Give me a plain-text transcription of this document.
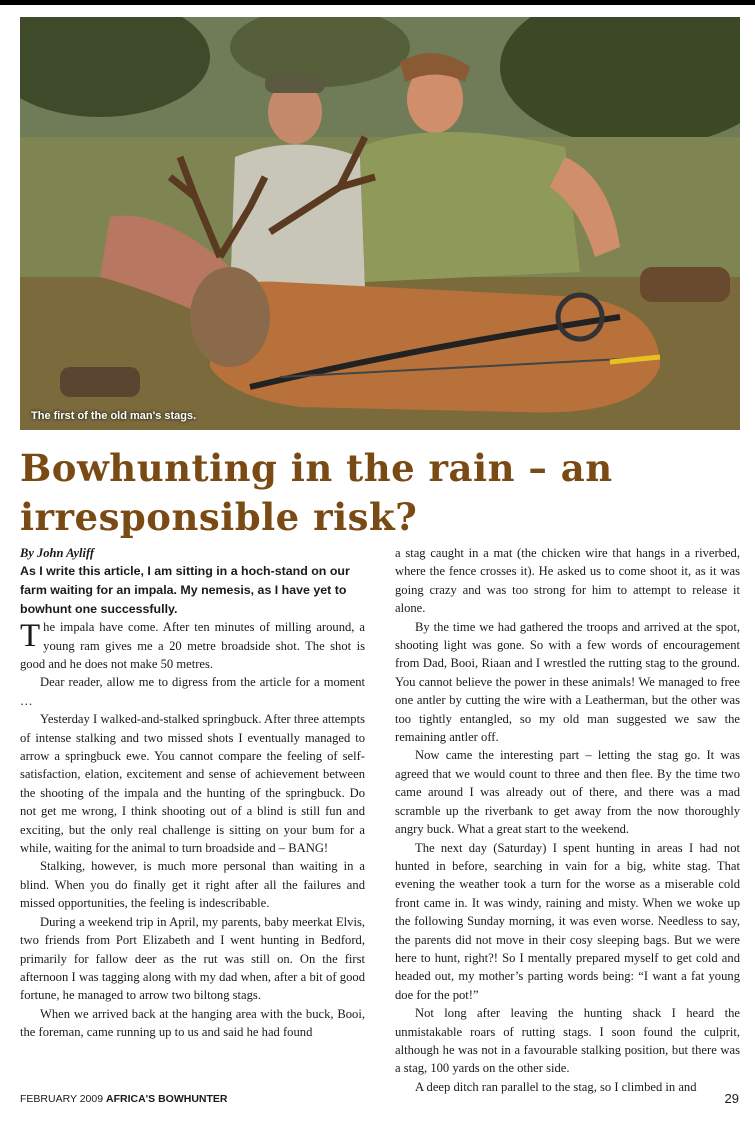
The first of the old man's stags.
Bowhunting in the rain – an irresponsible risk?

By John Ayliff

As I write this article, I am sitting in a hoch-stand on our farm waiting for an impala. My nemesis, as I have yet to bowhunt one successfully.

The impala have come. After ten minutes of milling around, a young ram gives me a 20 metre broadside shot. The shot is good and he does not make 50 metres.

Dear reader, allow me to digress from the article for a moment …

Yesterday I walked-and-stalked springbuck. After three attempts of intense stalking and two missed shots I eventually managed to arrow a springbuck ewe. You cannot compare the feeling of self-satisfaction, elation, excitement and sense of achievement between the shooting of the impala and the hunting of the springbuck. Do not get me wrong, I think shooting out of a blind is still fun and exciting, but the only real challenge is sitting on your bum for a while, waiting for the animal to turn broadside and – BANG!

Stalking, however, is much more personal than waiting in a blind. When you do finally get it right after all the failures and missed opportunities, the feeling is indescribable.

During a weekend trip in April, my parents, baby meerkat Elvis, two friends from Port Elizabeth and I went hunting in Bedford, primarily for fallow deer as the rut was still on. On the first afternoon I was tagging along with my dad when, after a bit of good fortune, he managed to arrow two biltong stags.

When we arrived back at the hanging area with the buck, Booi, the foreman, came running up to us and said he had found

a stag caught in a mat (the chicken wire that hangs in a riverbed, where the fence crosses it). He asked us to come shoot it, as it was going crazy and was too strong for him to attempt to release it alone.

By the time we had gathered the troops and arrived at the spot, shooting light was gone. So with a few words of encouragement from Dad, Booi, Riaan and I wrestled the rutting stag to the ground. You cannot believe the power in these animals! We managed to free one antler by cutting the wire with a Leatherman, but the other was too tightly entangled, so my old man suggested we saw the remaining antler off.

Now came the interesting part – letting the stag go. It was agreed that we would count to three and then flee. By the time two came around I was already out of there, and there was a mad scramble up the riverbank to get away from the now thoroughly angry buck. What a great start to the weekend.

The next day (Saturday) I spent hunting in areas I had not hunted in before, searching in vain for a big, white stag. That evening the weather took a turn for the worse as a miserable cold front came in. It was windy, raining and misty. When we woke up the following Sunday morning, it was even worse. Needless to say, the parents did not move in their cosy sleeping bags. But we were here to hunt, right?! So I mentally prepared myself to get cold and headed out, my mother’s parting words being: “I want a fat young doe for the pot!”

Not long after leaving the hunting shack I heard the unmistakable roars of rutting stags. I soon found the culprit, although he was not in a favourable stalking position, but there was a stag, 100 yards on the other side.

A deep ditch ran parallel to the stag, so I climbed in and

FEBRUARY 2009 AFRICA'S BOWHUNTER	29
